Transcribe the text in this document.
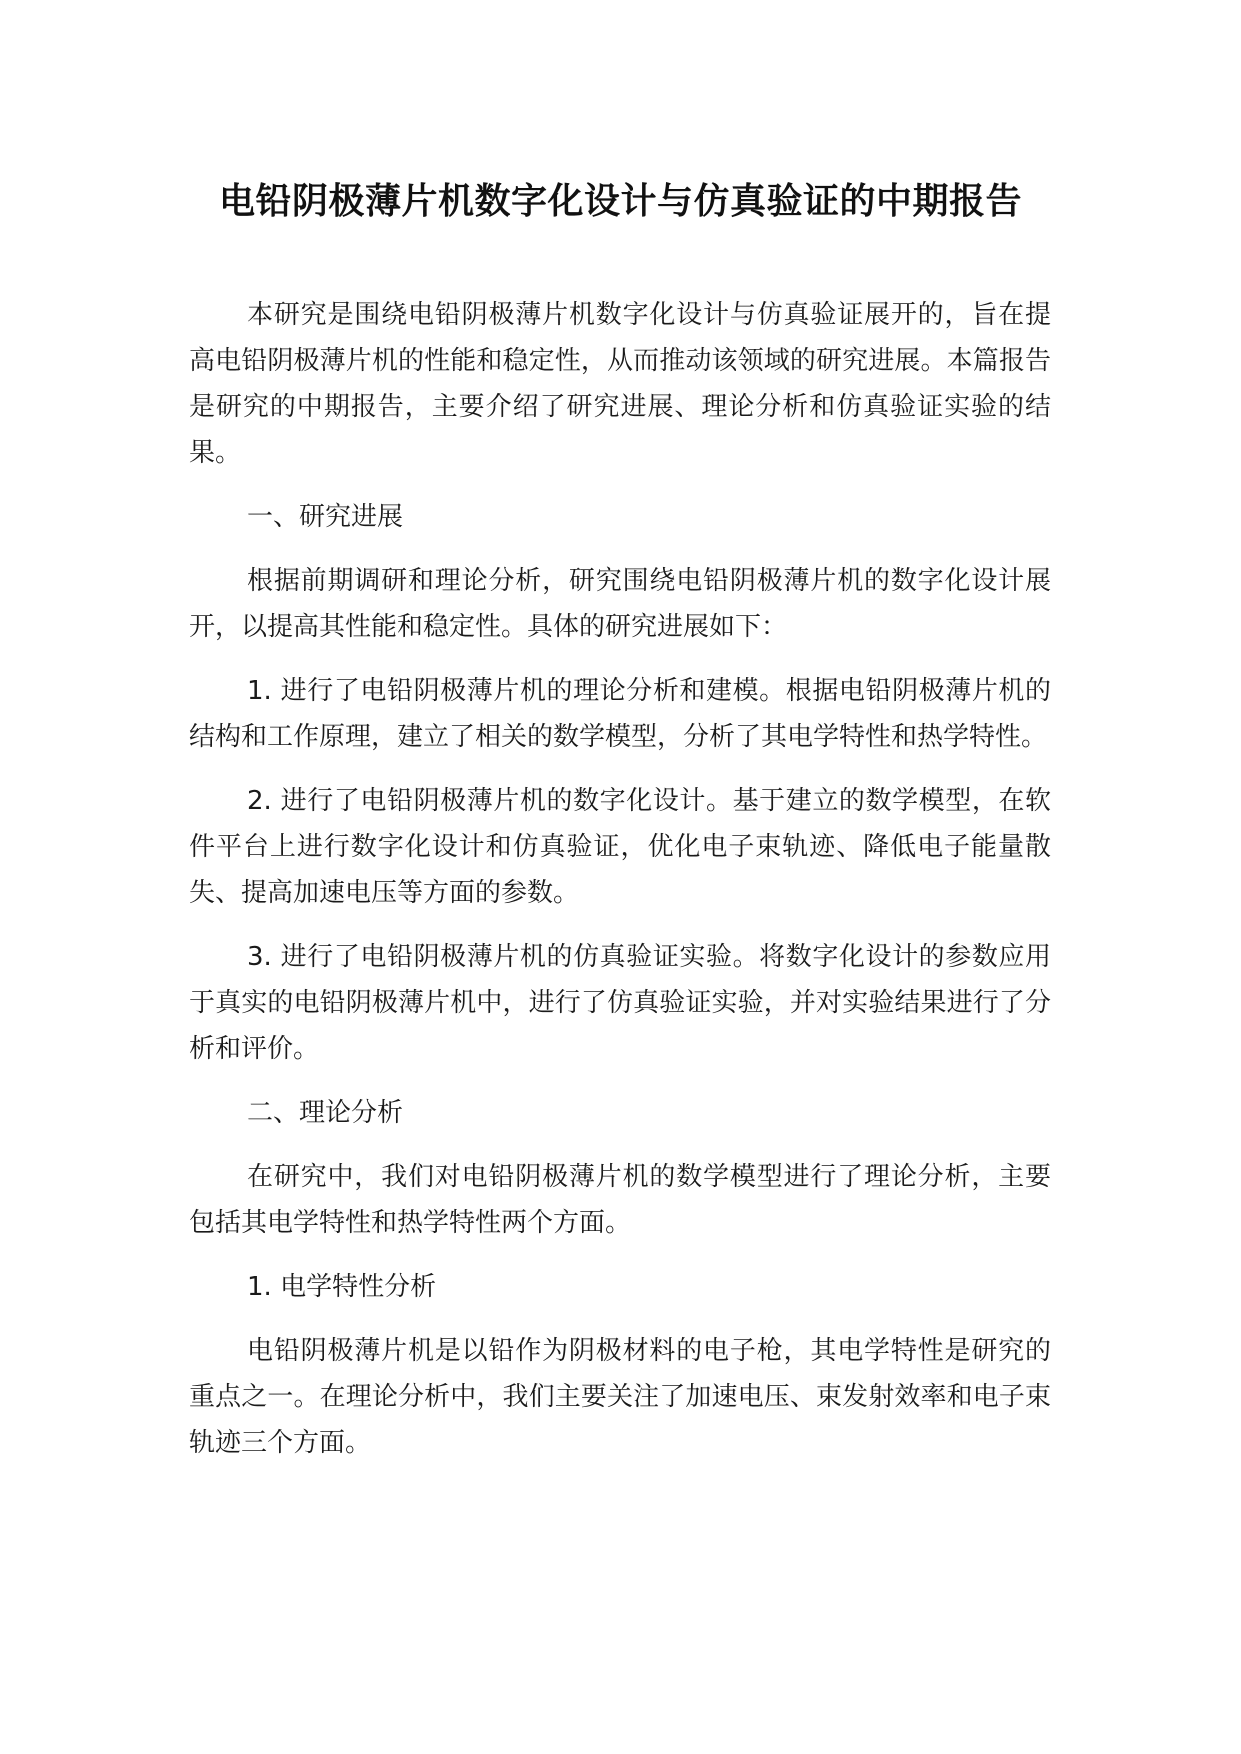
电铅阴极薄片机数字化设计与仿真验证的中期报告

本研究是围绕电铅阴极薄片机数字化设计与仿真验证展开的，旨在提高电铅阴极薄片机的性能和稳定性，从而推动该领域的研究进展。本篇报告是研究的中期报告，主要介绍了研究进展、理论分析和仿真验证实验的结果。

一、研究进展

根据前期调研和理论分析，研究围绕电铅阴极薄片机的数字化设计展开，以提高其性能和稳定性。具体的研究进展如下：

1. 进行了电铅阴极薄片机的理论分析和建模。根据电铅阴极薄片机的结构和工作原理，建立了相关的数学模型，分析了其电学特性和热学特性。

2. 进行了电铅阴极薄片机的数字化设计。基于建立的数学模型，在软件平台上进行数字化设计和仿真验证，优化电子束轨迹、降低电子能量散失、提高加速电压等方面的参数。

3. 进行了电铅阴极薄片机的仿真验证实验。将数字化设计的参数应用于真实的电铅阴极薄片机中，进行了仿真验证实验，并对实验结果进行了分析和评价。

二、理论分析

在研究中，我们对电铅阴极薄片机的数学模型进行了理论分析，主要包括其电学特性和热学特性两个方面。

1. 电学特性分析

电铅阴极薄片机是以铅作为阴极材料的电子枪，其电学特性是研究的重点之一。在理论分析中，我们主要关注了加速电压、束发射效率和电子束轨迹三个方面。
